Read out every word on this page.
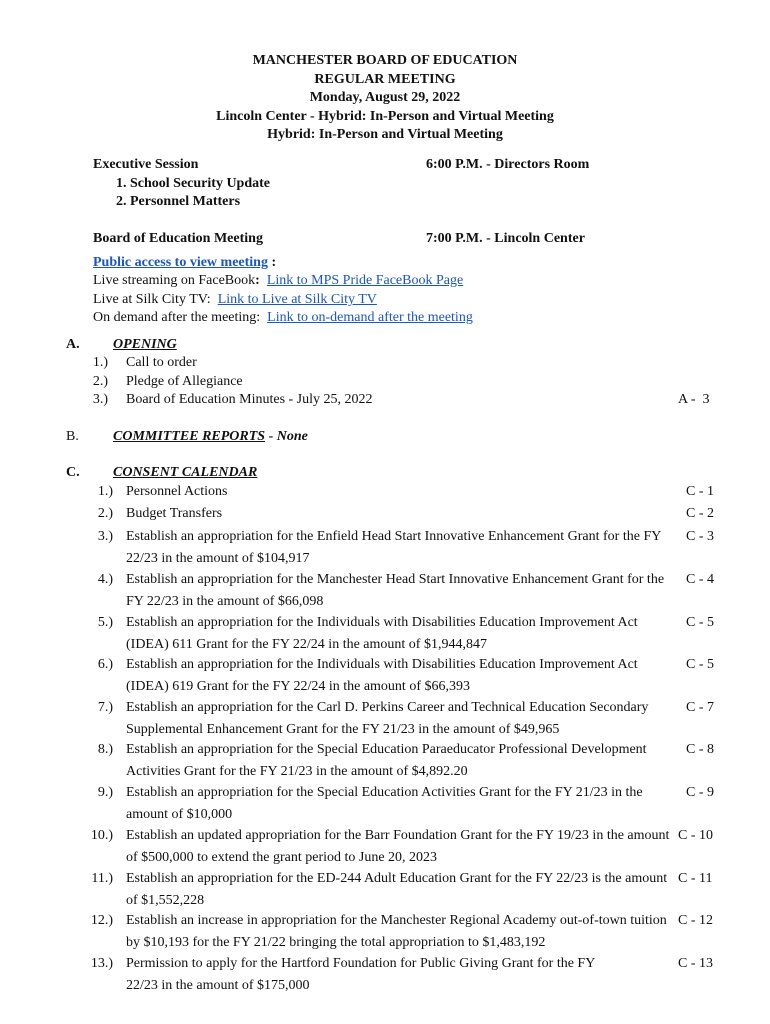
MANCHESTER BOARD OF EDUCATION
REGULAR MEETING
Monday, August 29, 2022
Lincoln Center - Hybrid: In-Person and Virtual Meeting
Hybrid: In-Person and Virtual Meeting
Executive Session	6:00 P.M. - Directors Room
1. School Security Update
2. Personnel Matters
Board of Education Meeting	7:00 P.M. - Lincoln Center
Public access to view meeting :
Live streaming on FaceBook: Link to MPS Pride FaceBook Page
Live at Silk City TV: Link to Live at Silk City TV
On demand after the meeting: Link to on-demand after the meeting
A. OPENING
1.) Call to order
2.) Pledge of Allegiance
3.) Board of Education Minutes - July 25, 2022	A -  3
B. COMMITTEE REPORTS - None
C. CONSENT CALENDAR
1.) Personnel Actions	C - 1
2.) Budget Transfers	C - 2
3.) Establish an appropriation for the Enfield Head Start Innovative Enhancement Grant for the FY 22/23 in the amount of $104,917
C - 3
4.) Establish an appropriation for the Manchester Head Start Innovative Enhancement Grant for the FY 22/23 in the amount of $66,098
C - 4
5.) Establish an appropriation for the Individuals with Disabilities Education Improvement Act (IDEA) 611 Grant for the FY 22/24 in the amount of $1,944,847
C - 5
6.) Establish an appropriation for the Individuals with Disabilities Education Improvement Act (IDEA) 619 Grant for the FY 22/24 in the amount of $66,393
C - 5
7.) Establish an appropriation for the Carl D. Perkins Career and Technical Education Secondary Supplemental Enhancement Grant for the FY 21/23 in the amount of $49,965
C - 7
8.) Establish an appropriation for the Special Education Paraeducator Professional Development Activities Grant for the FY 21/23 in the amount of $4,892.20
C - 8
9.) Establish an appropriation for the Special Education Activities Grant for the FY 21/23 in the amount of $10,000
C - 9
10.) Establish an updated appropriation for the Barr Foundation Grant for the FY 19/23 in the amount of $500,000 to extend the grant period to June 20, 2023
C - 10
11.) Establish an appropriation for the ED-244 Adult Education Grant for the FY 22/23 is the amount of $1,552,228
C - 11
12.) Establish an increase in appropriation for the Manchester Regional Academy out-of-town tuition by $10,193 for the FY 21/22 bringing the total appropriation to $1,483,192
C - 12
13.) Permission to apply for the Hartford Foundation for Public Giving Grant for the FY 22/23 in the amount of $175,000
C - 13
